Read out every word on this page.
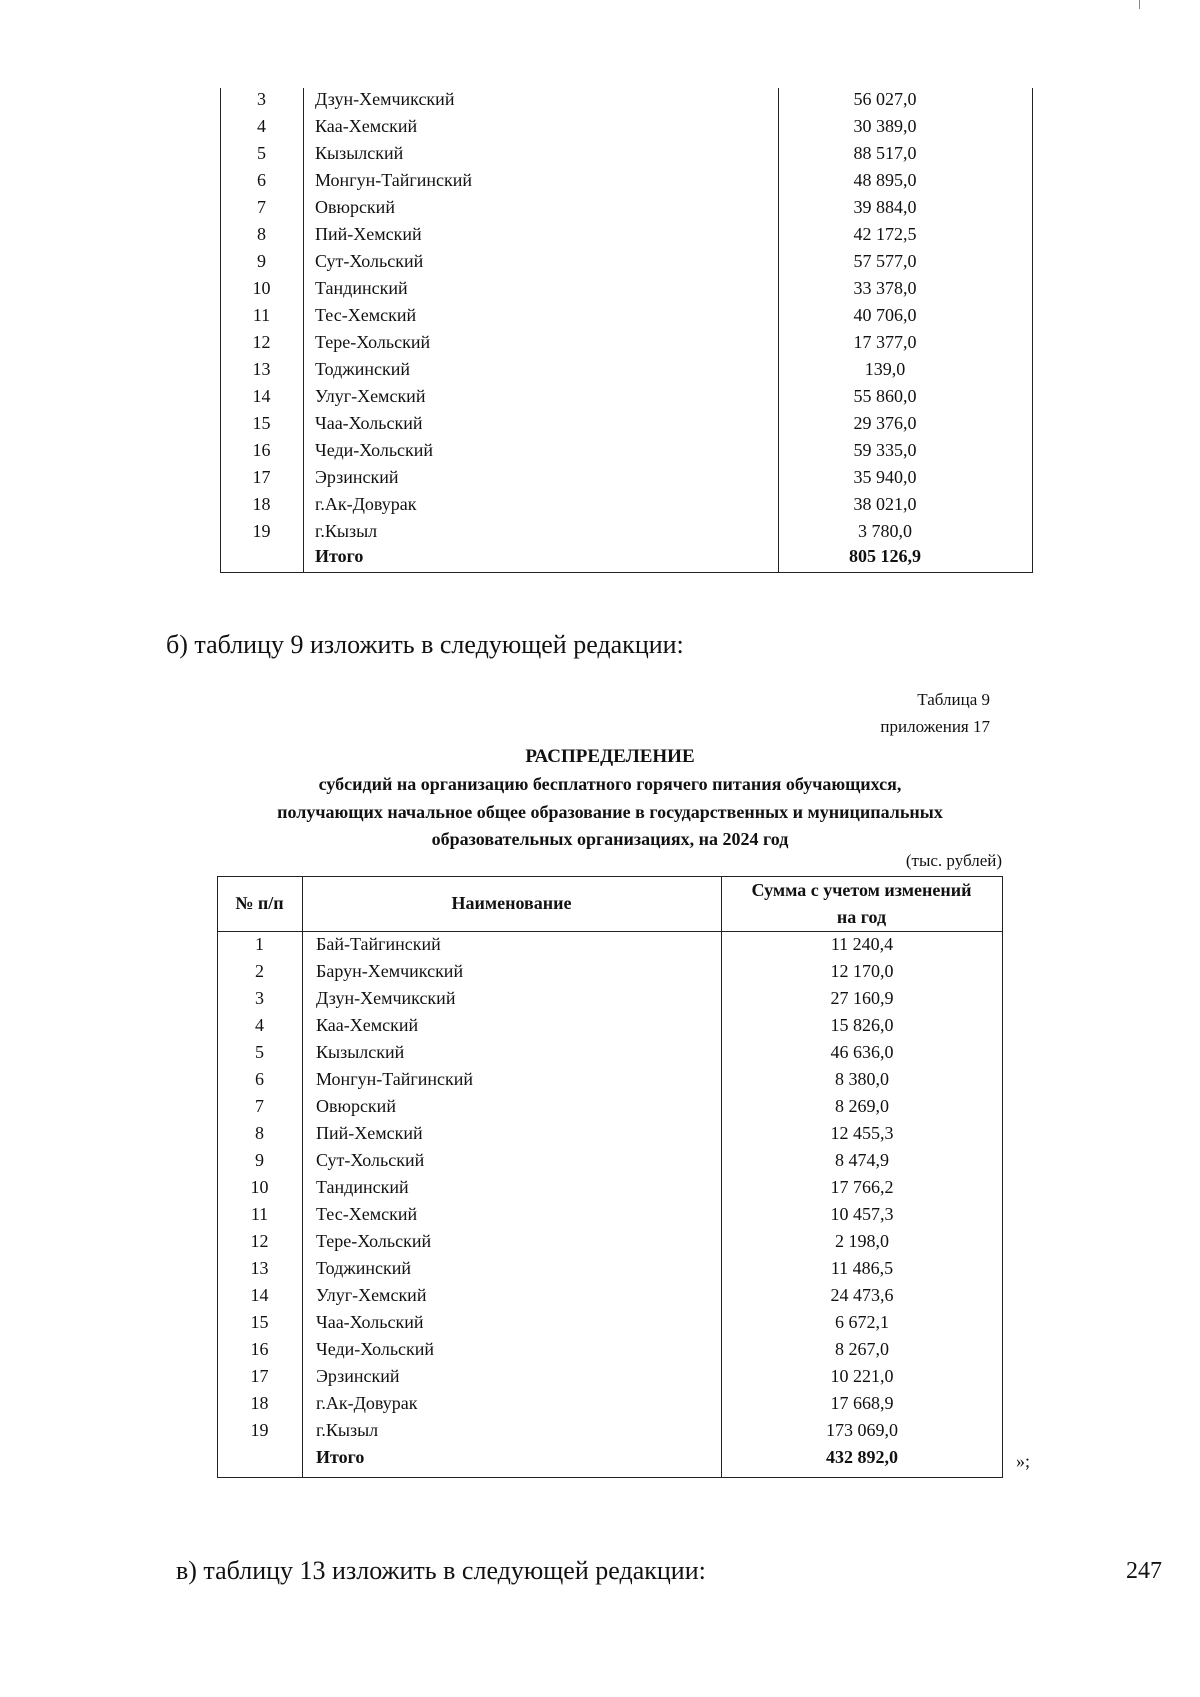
3	Дзун-Хемчикский	56 027,0
4	Каа-Хемский	30 389,0
5	Кызылский	88 517,0
6	Монгун-Тайгинский	48 895,0
7	Овюрский	39 884,0
8	Пий-Хемский	42 172,5
9	Сут-Хольский	57 577,0
10	Тандинский	33 378,0
11	Тес-Хемский	40 706,0
12	Тере-Хольский	17 377,0
13	Тоджинский	139,0
14	Улуг-Хемский	55 860,0
15	Чаа-Хольский	29 376,0
16	Чеди-Хольский	59 335,0
17	Эрзинский	35 940,0
18	г.Ак-Довурак	38 021,0
19	г.Кызыл	3 780,0
Итого	805 126,9
б) таблицу 9 изложить в следующей редакции:
Таблица 9
приложения 17
РАСПРЕДЕЛЕНИЕ
субсидий на организацию бесплатного горячего питания обучающихся,
получающих начальное общее образование в государственных и муниципальных
образовательных организациях, на 2024 год
(тыс. рублей)
№ п/п	Наименование
Сумма с учетом изменений
на год
1	Бай-Тайгинский	11 240,4
2	Барун-Хемчикский	12 170,0
3	Дзун-Хемчикский	27 160,9
4	Каа-Хемский	15 826,0
5	Кызылский	46 636,0
6	Монгун-Тайгинский	8 380,0
7	Овюрский	8 269,0
8	Пий-Хемский	12 455,3
9	Сут-Хольский	8 474,9
10	Тандинский	17 766,2
11	Тес-Хемский	10 457,3
12	Тере-Хольский	2 198,0
13	Тоджинский	11 486,5
14	Улуг-Хемский	24 473,6
15	Чаа-Хольский	6 672,1
16	Чеди-Хольский	8 267,0
17	Эрзинский	10 221,0
18	г.Ак-Довурак	17 668,9
19	г.Кызыл	173 069,0
Итого	432 892,0	»;
в) таблицу 13 изложить в следующей редакции:	247
